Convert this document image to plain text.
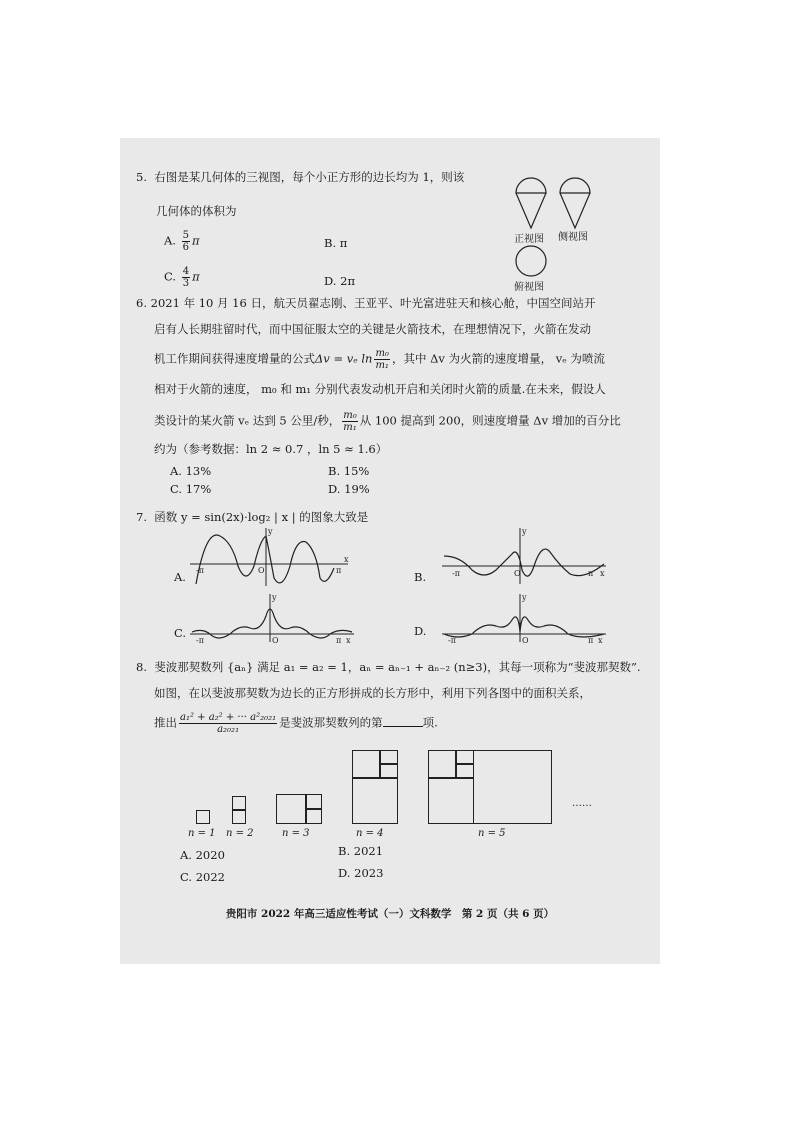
5. 右图是某几何体的三视图，每个小正方形的边长均为 1，则该
几何体的体积为
A. $\frac{5}{6}$ π	B. π
C. $\frac{4}{3}$ π	D. 2π
正视图 侧视图
俯视图
6. 2021 年 10 月 16 日，航天员翟志刚、王亚平、叶光富进驻天和核心舱，中国空间站开
启有人长期驻留时代，而中国征服太空的关键是火箭技术，在理想情况下，火箭在发动
机工作期间获得速度增量的公式Δv = vₑ $\ln \frac{\text{m₀}}{\text{m₁}}$ ，其中 Δv 为火箭的速度增量， vₑ 为喷流
相对于火箭的速度， m₀ 和 m₁ 分别代表发动机开启和关闭时火箭的质量.在未来，假设人
类设计的某火箭 vₑ 达到 5 公里/秒， $\frac{\text{m₀}}{\text{m₁}}$ 从 100 提高到 200，则速度增量 Δv 增加的百分比
约为（参考数据：ln 2 ≈ 0.7 ，ln 5 ≈ 1.6）
A. 13%	B. 15%
C. 17%	D. 19%
7. 函数 y = sin(2x)·log₂ | x | 的图象大致是
A. -π	O	π
x
y
B.	-π	O	π x
y
C.
-π	O	π x
y
D.
-π	O	π x
y
8. 斐波那契数列 {aₙ} 满足 a₁ = a₂ = 1，aₙ = aₙ₋₁ + aₙ₋₂ (n≥3)，其每一项称为“斐波那契数”.
如图，在以斐波那契数为边长的正方形拼成的长方形中，利用下列各图中的面积关系，
推出 $\frac{\text{a₁² + a₂² + ··· a²₂₀₂₁}}{\text{a₂₀₂₁}}$ 是斐波那契数列的第	项.
n = 1 n = 2	n = 3	n = 4	n = 5
……
A. 2020	B. 2021
C. 2022	D. 2023
贵阳市 2022 年高三适应性考试（一）文科数学　第 2 页（共 6 页）
